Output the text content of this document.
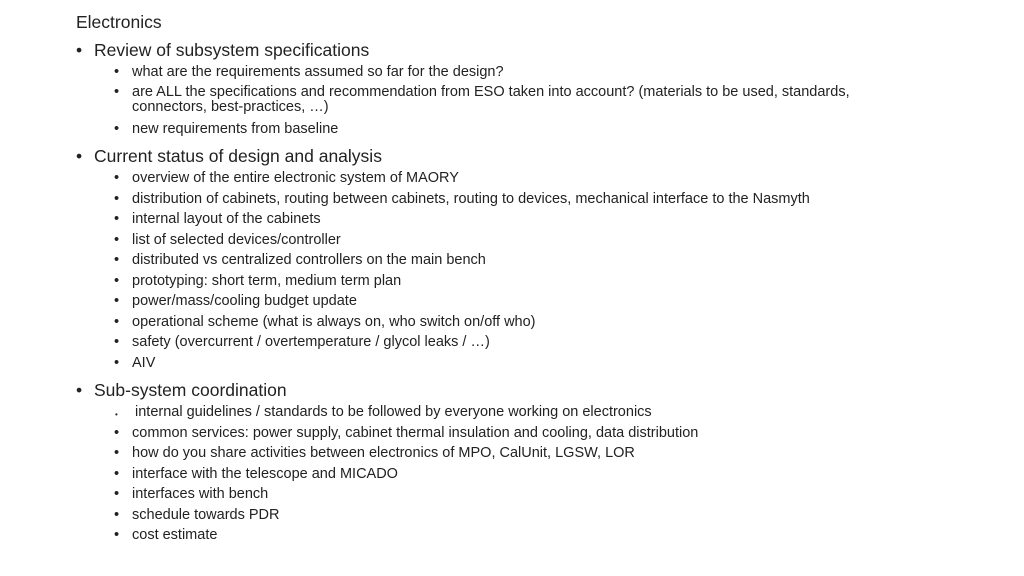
Electronics
• Review of subsystem specifications
• what are the requirements assumed so far for the design?
• are ALL the specifications and recommendation from ESO taken into account? (materials to be used, standards, connectors, best-practices, …)
• new requirements from baseline
• Current status of design and analysis
• overview of the entire electronic system of MAORY
• distribution of cabinets, routing between cabinets, routing to devices, mechanical interface to the Nasmyth
• internal layout of the cabinets
• list of selected devices/controller
• distributed vs centralized controllers on the main bench
• prototyping: short term, medium term plan
• power/mass/cooling budget update
• operational scheme (what is always on, who switch on/off who)
• safety (overcurrent / overtemperature / glycol leaks / …)
• AIV
• Sub-system coordination
• internal guidelines / standards to be followed by everyone working on electronics
• common services: power supply, cabinet thermal insulation and cooling, data distribution
• how do you share activities between electronics of MPO, CalUnit, LGSW, LOR
• interface with the telescope and MICADO
• interfaces with bench
• schedule towards PDR
• cost estimate
